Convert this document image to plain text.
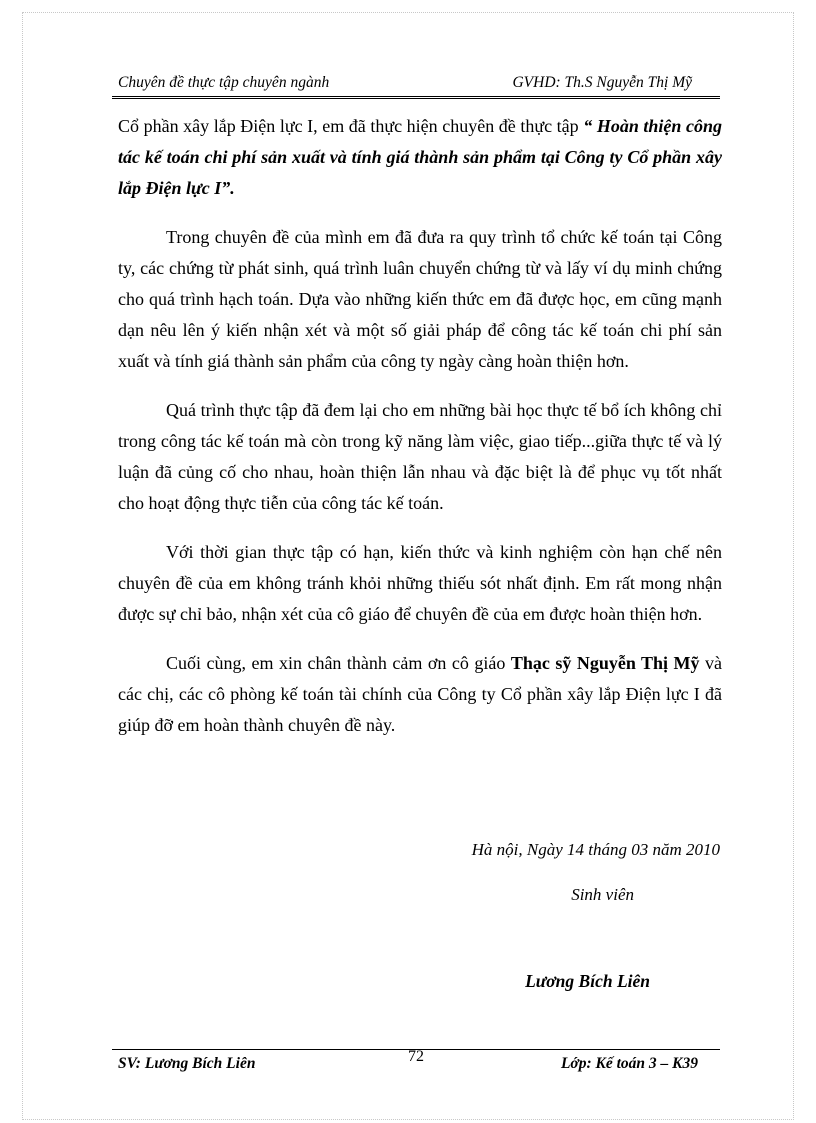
Chuyên đề thực tập chuyên ngành	GVHD: Th.S Nguyễn Thị Mỹ

Cổ phần xây lắp Điện lực I, em đã thực hiện chuyên đề thực tập “ Hoàn thiện công tác kế toán chi phí sản xuất và tính giá thành sản phẩm tại Công ty Cổ phần xây lắp Điện lực I”.

Trong chuyên đề của mình em đã đưa ra quy trình tổ chức kế toán tại Công ty, các chứng từ phát sinh, quá trình luân chuyển chứng từ và lấy ví dụ minh chứng cho quá trình hạch toán. Dựa vào những kiến thức em đã được học, em cũng mạnh dạn nêu lên ý kiến nhận xét và một số giải pháp để công tác kế toán chi phí sản xuất và tính giá thành sản phẩm của công ty ngày càng hoàn thiện hơn.

Quá trình thực tập đã đem lại cho em những bài học thực tế bổ ích không chỉ trong công tác kế toán mà còn trong kỹ năng làm việc, giao tiếp...giữa thực tế và lý luận đã củng cố cho nhau, hoàn thiện lẫn nhau và đặc biệt là để phục vụ tốt nhất cho hoạt động thực tiễn của công tác kế toán.

Với thời gian thực tập có hạn, kiến thức và kinh nghiệm còn hạn chế nên chuyên đề của em không tránh khỏi những thiếu sót nhất định. Em rất mong nhận được sự chỉ bảo, nhận xét của cô giáo để chuyên đề của em được hoàn thiện hơn.

Cuối cùng, em xin chân thành cảm ơn cô giáo Thạc sỹ Nguyễn Thị Mỹ và các chị, các cô phòng kế toán tài chính của Công ty Cổ phần xây lắp Điện lực I đã giúp đỡ em hoàn thành chuyên đề này.

Hà nội, Ngày 14 tháng 03 năm 2010
Sinh viên
Lương Bích Liên
SV: Lương Bích Liên	72	Lớp: Kế toán 3 – K39
